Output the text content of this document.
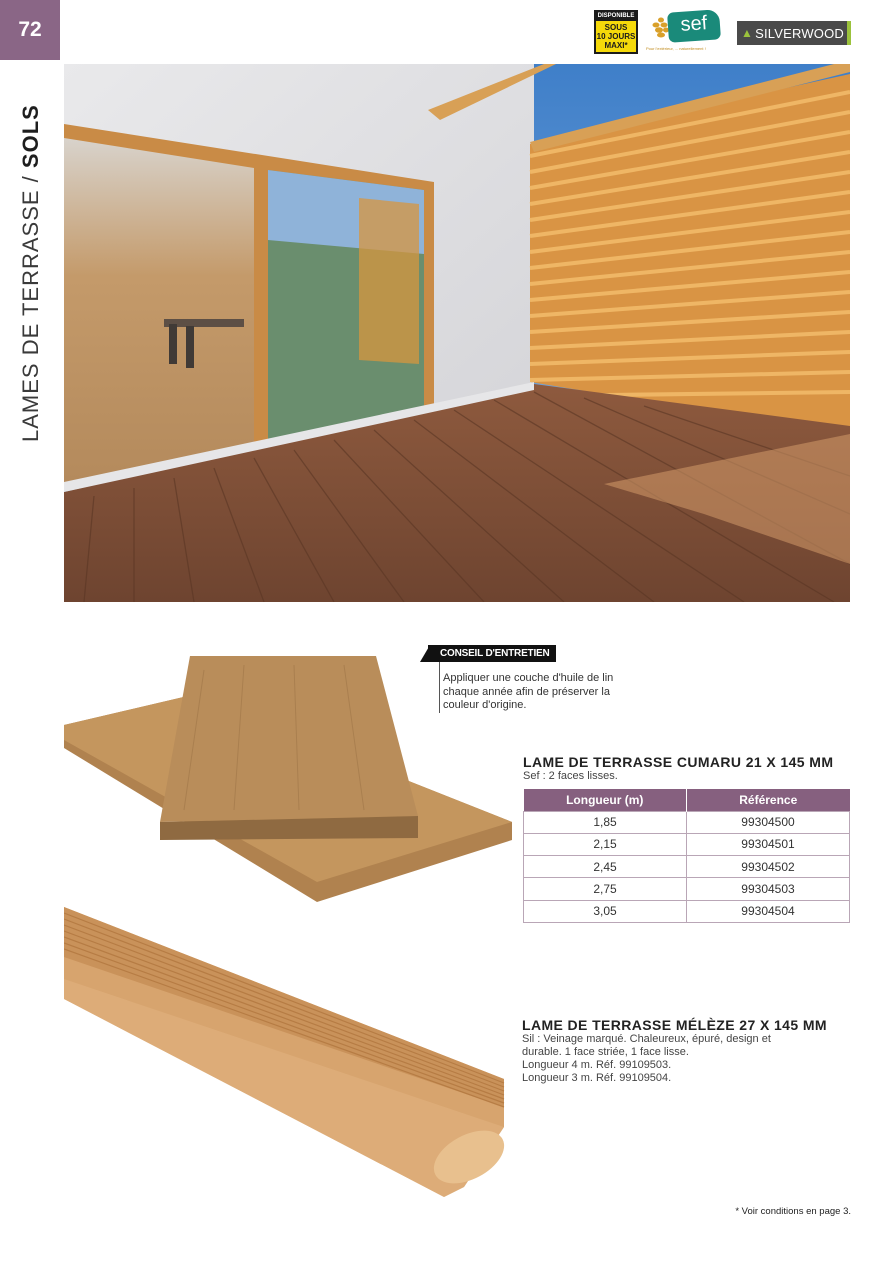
72
DISPONIBLE
SOUS
10 JOURS
MAXI*
sef
Pour l'extérieur, ... naturellement !
▲ SILVERWOOD
LAMES DE TERRASSE / SOLS
CONSEIL D'ENTRETIEN
Appliquer une couche d'huile de lin chaque année afin de préserver la couleur d'origine.
LAME DE TERRASSE CUMARU 21 X 145 MM
Sef : 2 faces lisses.
Longueur (m)	Référence
1,85	99304500
2,15	99304501
2,45	99304502
2,75	99304503
3,05	99304504
LAME DE TERRASSE MÉLÈZE 27 X 145 MM
Sil : Veinage marqué. Chaleureux, épuré, design et
durable. 1 face striée, 1 face lisse.
Longueur 4 m. Réf. 99109503.
Longueur 3 m. Réf. 99109504.
* Voir conditions en page 3.
